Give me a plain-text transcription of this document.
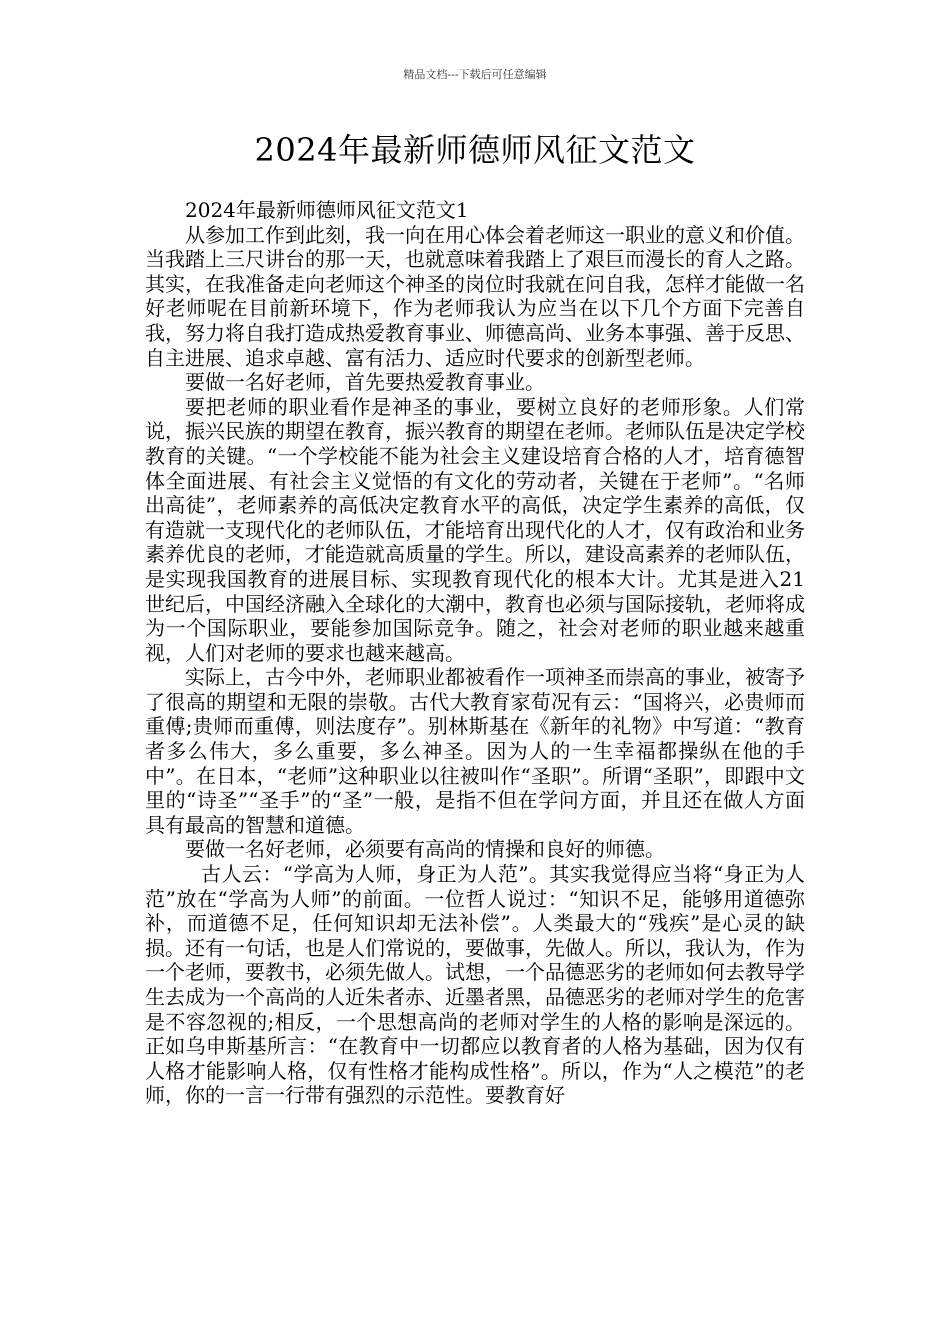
精品文档---下载后可任意编辑
2024年最新师德师风征文范文

2024年最新师德师风征文范文1

从参加工作到此刻，我一向在用心体会着老师这一职业的意义和价值。当我踏上三尺讲台的那一天，也就意味着我踏上了艰巨而漫长的育人之路。其实，在我准备走向老师这个神圣的岗位时我就在问自我，怎样才能做一名好老师呢在目前新环境下，作为老师我认为应当在以下几个方面下完善自我，努力将自我打造成热爱教育事业、师德高尚、业务本事强、善于反思、自主进展、追求卓越、富有活力、适应时代要求的创新型老师。

要做一名好老师，首先要热爱教育事业。

要把老师的职业看作是神圣的事业，要树立良好的老师形象。人们常说，振兴民族的期望在教育，振兴教育的期望在老师。老师队伍是决定学校教育的关键。“一个学校能不能为社会主义建设培育合格的人才，培育德智体全面进展、有社会主义觉悟的有文化的劳动者，关键在于老师”。“名师出高徒”，老师素养的高低决定教育水平的高低，决定学生素养的高低，仅有造就一支现代化的老师队伍，才能培育出现代化的人才，仅有政治和业务素养优良的老师，才能造就高质量的学生。所以，建设高素养的老师队伍，是实现我国教育的进展目标、实现教育现代化的根本大计。尤其是进入21世纪后，中国经济融入全球化的大潮中，教育也必须与国际接轨，老师将成为一个国际职业，要能参加国际竞争。随之，社会对老师的职业越来越重视，人们对老师的要求也越来越高。

实际上，古今中外，老师职业都被看作一项神圣而崇高的事业，被寄予了很高的期望和无限的崇敬。古代大教育家荀况有云：“国将兴，必贵师而重傅;贵师而重傅，则法度存”。别林斯基在《新年的礼物》中写道：“教育者多么伟大，多么重要，多么神圣。因为人的一生幸福都操纵在他的手中”。在日本，“老师”这种职业以往被叫作“圣职”。所谓“圣职”，即跟中文里的“诗圣”“圣手”的“圣”一般，是指不但在学问方面，并且还在做人方面具有最高的智慧和道德。

要做一名好老师，必须要有高尚的情操和良好的师德。

古人云：“学高为人师，身正为人范”。其实我觉得应当将“身正为人范”放在“学高为人师”的前面。一位哲人说过：“知识不足，能够用道德弥补，而道德不足，任何知识却无法补偿”。人类最大的“残疾”是心灵的缺损。还有一句话，也是人们常说的，要做事，先做人。所以，我认为，作为一个老师，要教书，必须先做人。试想，一个品德恶劣的老师如何去教导学生去成为一个高尚的人近朱者赤、近墨者黑，品德恶劣的老师对学生的危害是不容忽视的;相反，一个思想高尚的老师对学生的人格的影响是深远的。正如乌申斯基所言：“在教育中一切都应以教育者的人格为基础，因为仅有人格才能影响人格，仅有性格才能构成性格”。所以，作为“人之模范”的老师，你的一言一行带有强烈的示范性。要教育好
